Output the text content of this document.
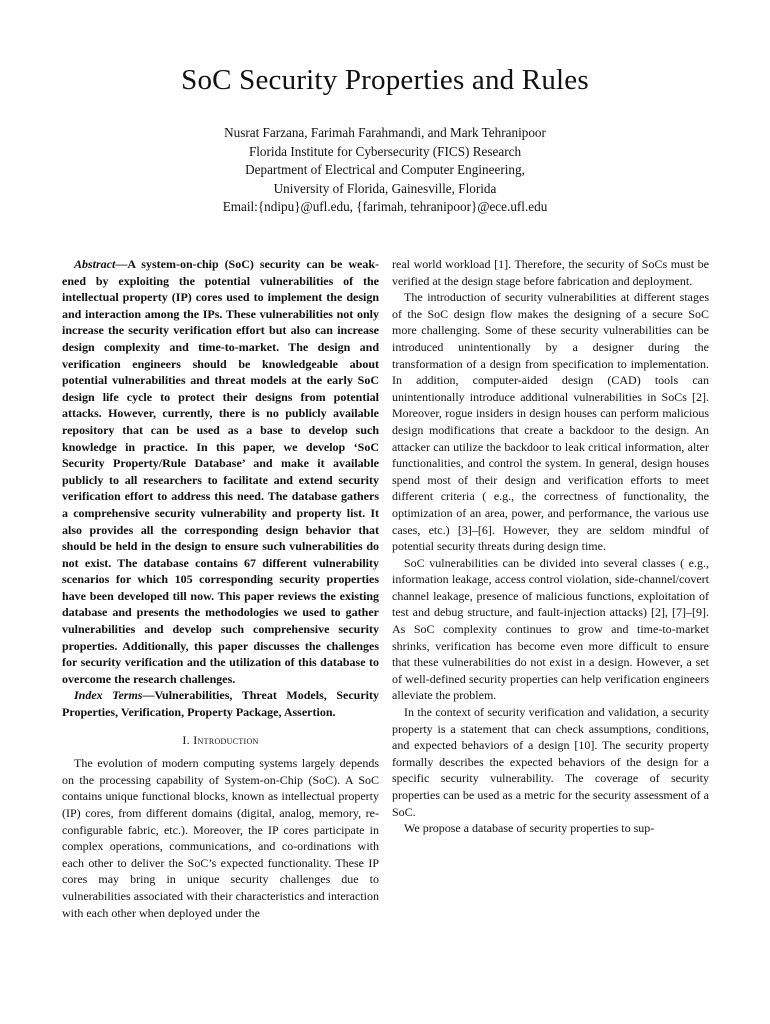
SoC Security Properties and Rules
Nusrat Farzana, Farimah Farahmandi, and Mark Tehranipoor
Florida Institute for Cybersecurity (FICS) Research
Department of Electrical and Computer Engineering,
University of Florida, Gainesville, Florida
Email:{ndipu}@ufl.edu, {farimah, tehranipoor}@ece.ufl.edu

Abstract—A system-on-chip (SoC) security can be weakened by exploiting the potential vulnerabilities of the intellectual property (IP) cores used to implement the design and interaction among the IPs. These vulnerabilities not only increase the security verification effort but also can increase design complexity and time-to-market. The design and verification engineers should be knowledgeable about potential vulnerabilities and threat models at the early SoC design life cycle to protect their designs from potential attacks. However, currently, there is no publicly available repository that can be used as a base to develop such knowledge in practice. In this paper, we develop ‘SoC Security Property/Rule Database’ and make it available publicly to all researchers to facilitate and extend security verification effort to address this need. The database gathers a comprehensive security vulnerability and property list. It also provides all the corresponding design behavior that should be held in the design to ensure such vulnerabilities do not exist. The database contains 67 different vulnerability scenarios for which 105 corresponding security properties have been developed till now. This paper reviews the existing database and presents the methodologies we used to gather vulnerabilities and develop such comprehensive security properties. Additionally, this paper discusses the challenges for security verification and the utilization of this database to overcome the research challenges.

Index Terms—Vulnerabilities, Threat Models, Security Properties, Verification, Property Package, Assertion.

I. Introduction

The evolution of modern computing systems largely depends on the processing capability of System-on-Chip (SoC). A SoC contains unique functional blocks, known as intellectual property (IP) cores, from different domains (digital, analog, memory, re-configurable fabric, etc.). Moreover, the IP cores participate in complex operations, communications, and co-ordinations with each other to deliver the SoC’s expected functionality. These IP cores may bring in unique security challenges due to vulnerabilities associated with their characteristics and interaction with each other when deployed under the

real world workload [1]. Therefore, the security of SoCs must be verified at the design stage before fabrication and deployment.

The introduction of security vulnerabilities at different stages of the SoC design flow makes the designing of a secure SoC more challenging. Some of these security vulnerabilities can be introduced unintentionally by a designer during the transformation of a design from specification to implementation. In addition, computer-aided design (CAD) tools can unintentionally introduce additional vulnerabilities in SoCs [2]. Moreover, rogue insiders in design houses can perform malicious design modifications that create a backdoor to the design. An attacker can utilize the backdoor to leak critical information, alter functionalities, and control the system. In general, design houses spend most of their design and verification efforts to meet different criteria ( e.g., the correctness of functionality, the optimization of an area, power, and performance, the various use cases, etc.) [3]–[6]. However, they are seldom mindful of potential security threats during design time.

SoC vulnerabilities can be divided into several classes ( e.g., information leakage, access control violation, side-channel/covert channel leakage, presence of malicious functions, exploitation of test and debug structure, and fault-injection attacks) [2], [7]–[9]. As SoC complexity continues to grow and time-to-market shrinks, verification has become even more difficult to ensure that these vulnerabilities do not exist in a design. However, a set of well-defined security properties can help verification engineers alleviate the problem.

In the context of security verification and validation, a security property is a statement that can check assumptions, conditions, and expected behaviors of a design [10]. The security property formally describes the expected behaviors of the design for a specific security vulnerability. The coverage of security properties can be used as a metric for the security assessment of a SoC.

We propose a database of security properties to sup-
